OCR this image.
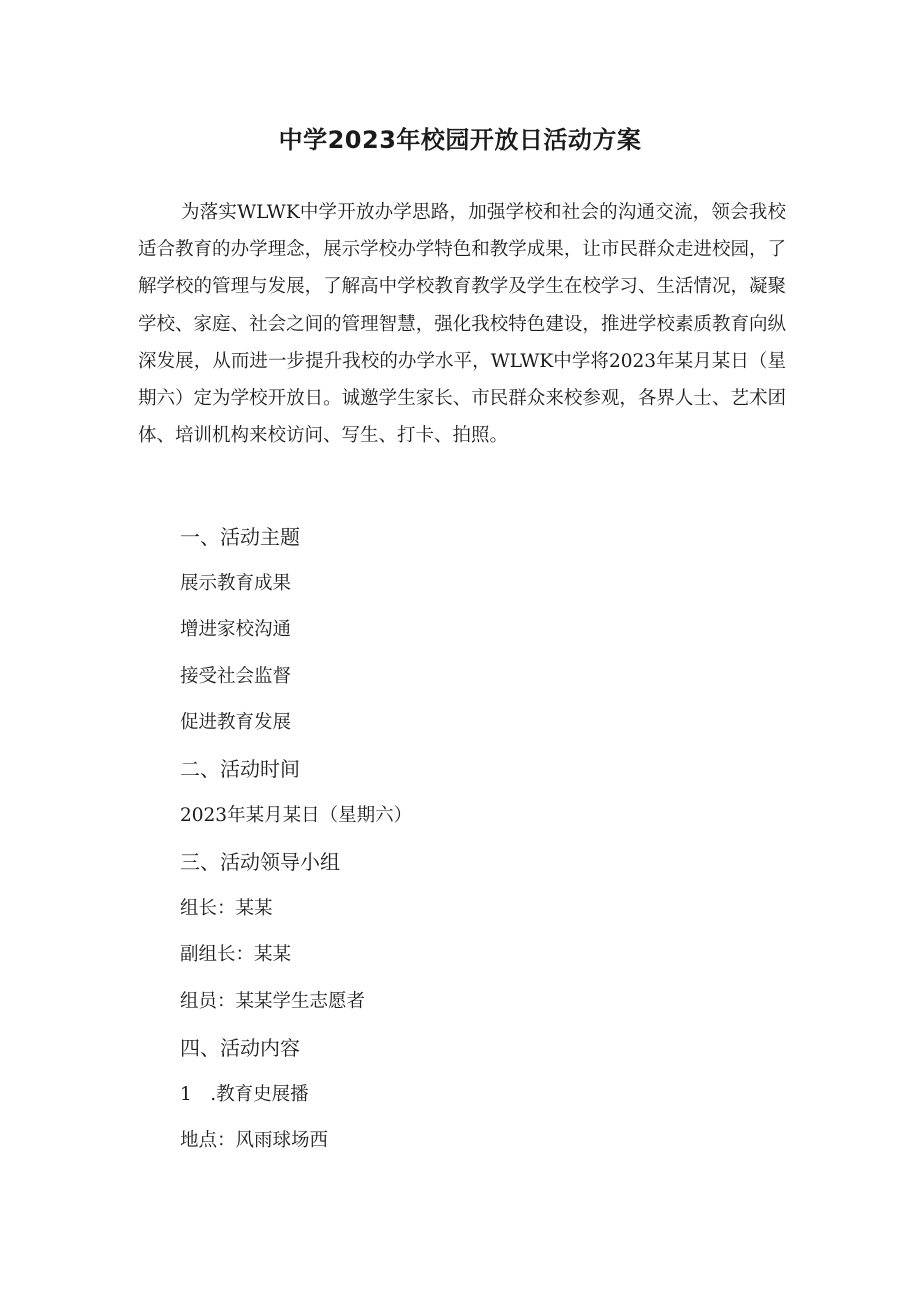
中学2023年校园开放日活动方案

为落实WLWK中学开放办学思路，加强学校和社会的沟通交流，领会我校适合教育的办学理念，展示学校办学特色和教学成果，让市民群众走进校园，了解学校的管理与发展，了解高中学校教育教学及学生在校学习、生活情况，凝聚学校、家庭、社会之间的管理智慧，强化我校特色建设，推进学校素质教育向纵深发展，从而进一步提升我校的办学水平，WLWK中学将2023年某月某日（星期六）定为学校开放日。诚邀学生家长、市民群众来校参观，各界人士、艺术团体、培训机构来校访问、写生、打卡、拍照。

一、活动主题
展示教育成果
增进家校沟通
接受社会监督
促进教育发展
二、活动时间
2023年某月某日（星期六）
三、活动领导小组
组长：某某
副组长：某某
组员：某某学生志愿者
四、活动内容
1　.教育史展播
地点：风雨球场西
